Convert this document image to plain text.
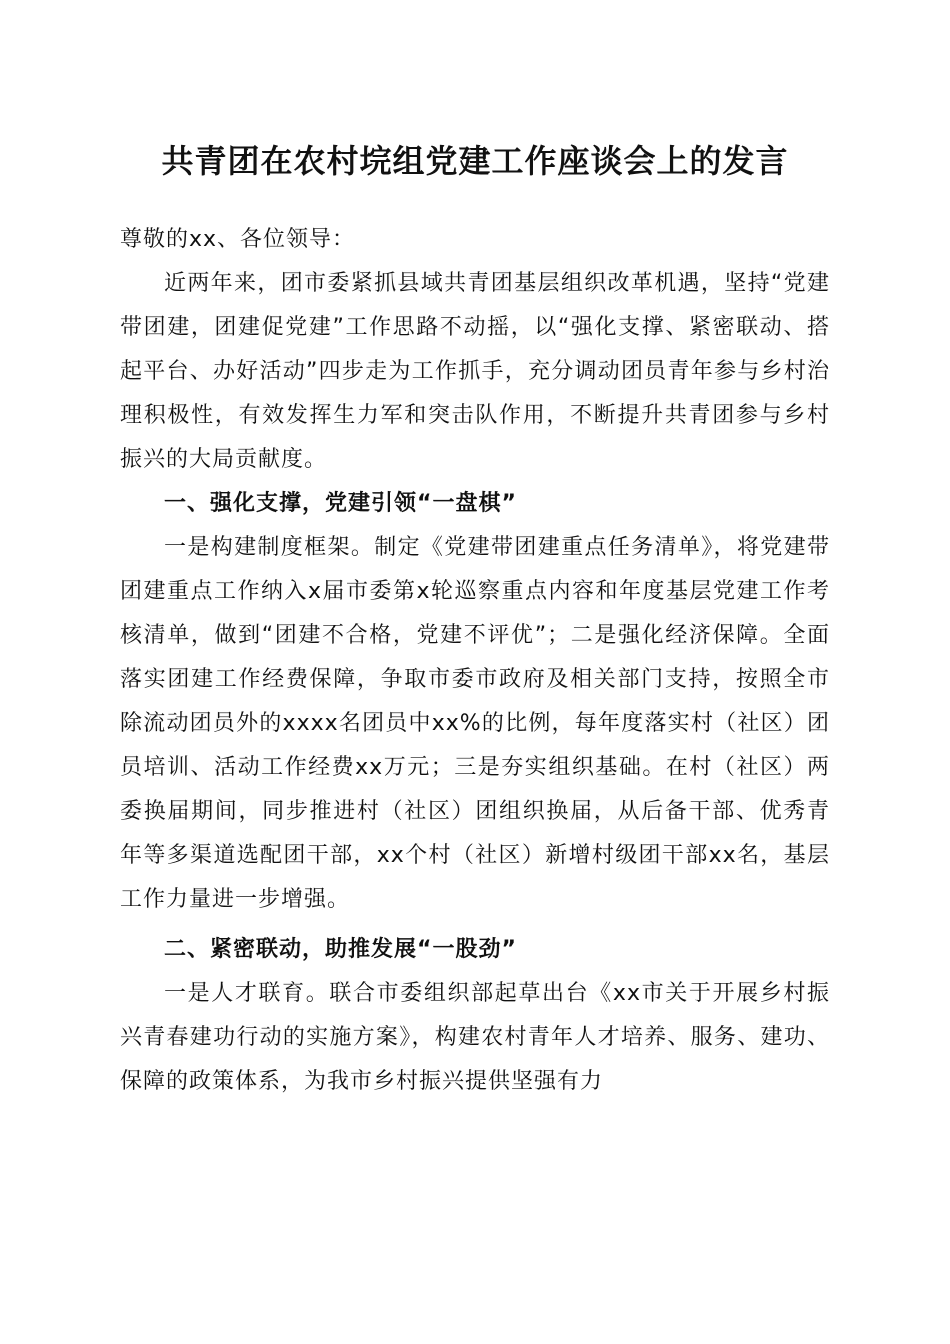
共青团在农村垸组党建工作座谈会上的发言

尊敬的xx、各位领导：

近两年来，团市委紧抓县域共青团基层组织改革机遇，坚持“党建带团建，团建促党建”工作思路不动摇，以“强化支撑、紧密联动、搭起平台、办好活动”四步走为工作抓手，充分调动团员青年参与乡村治理积极性，有效发挥生力军和突击队作用，不断提升共青团参与乡村振兴的大局贡献度。

一、强化支撑，党建引领“一盘棋”

一是构建制度框架。制定《党建带团建重点任务清单》，将党建带团建重点工作纳入x届市委第x轮巡察重点内容和年度基层党建工作考核清单，做到“团建不合格，党建不评优”；二是强化经济保障。全面落实团建工作经费保障，争取市委市政府及相关部门支持，按照全市除流动团员外的xxxx名团员中xx%的比例，每年度落实村（社区）团员培训、活动工作经费xx万元；三是夯实组织基础。在村（社区）两委换届期间，同步推进村（社区）团组织换届，从后备干部、优秀青年等多渠道选配团干部，xx个村（社区）新增村级团干部xx名，基层工作力量进一步增强。

二、紧密联动，助推发展“一股劲”

一是人才联育。联合市委组织部起草出台《xx市关于开展乡村振兴青春建功行动的实施方案》，构建农村青年人才培养、服务、建功、保障的政策体系，为我市乡村振兴提供坚强有力
